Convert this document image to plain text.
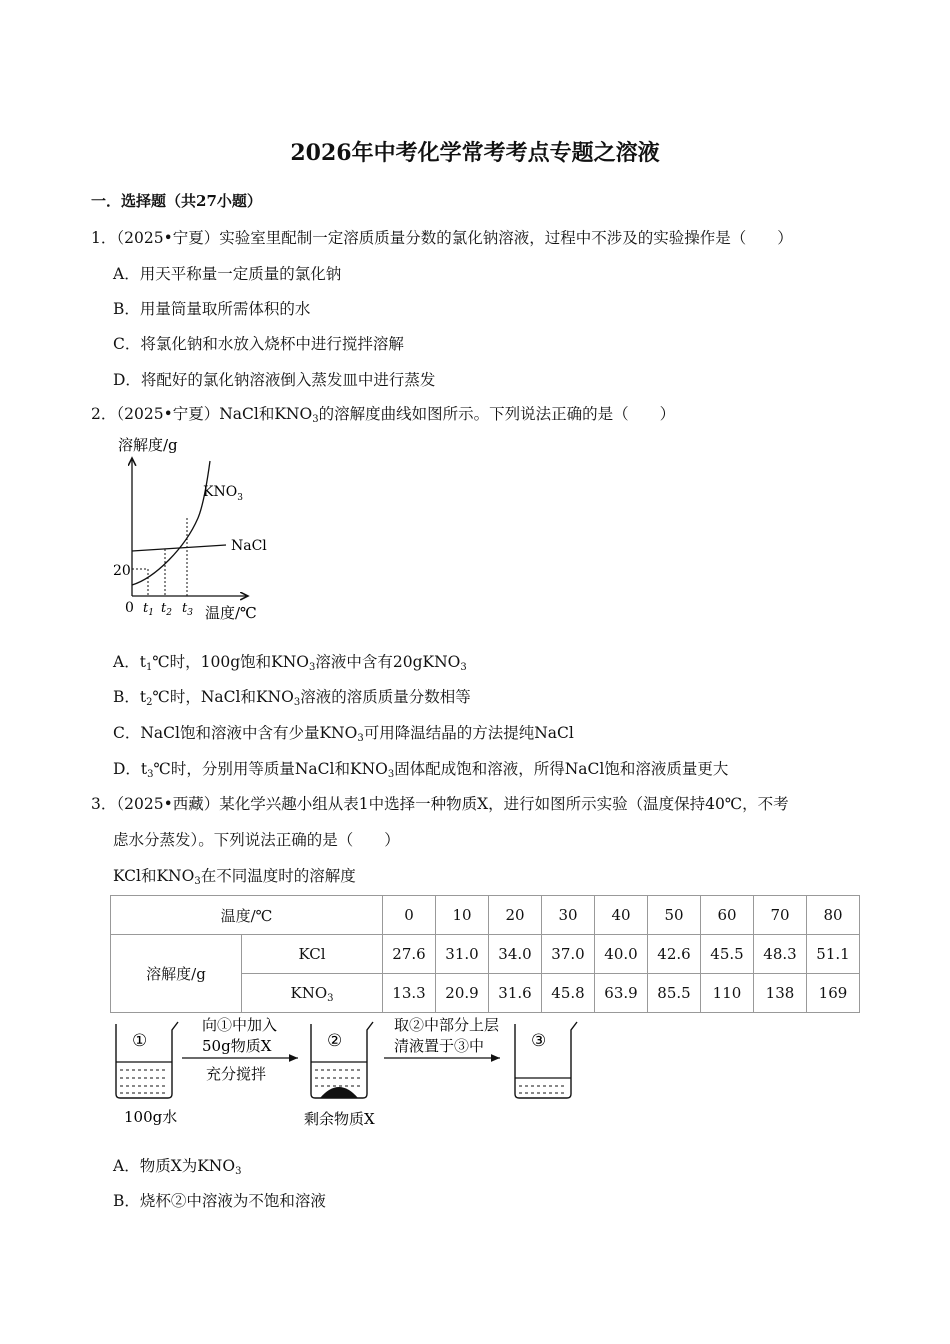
2026年中考化学常考考点专题之溶液
一．选择题（共27小题）
1．（2025•宁夏）实验室里配制一定溶质质量分数的氯化钠溶液，过程中不涉及的实验操作是（　　）
A．用天平称量一定质量的氯化钠
B．用量筒量取所需体积的水
C．将氯化钠和水放入烧杯中进行搅拌溶解
D．将配好的氯化钠溶液倒入蒸发皿中进行蒸发
2．（2025•宁夏）NaCl和$KNO_3$的溶解度曲线如图所示。下列说法正确的是（　　）
溶解度/g
温度/℃
0
20
$KNO_3$
NaCl
$t_1$ $t_2$ $t_3$
A．$t_1℃$时，100g饱和$KNO_3$溶液中含有20gKNO$_3$
B．$t_2℃$时，NaCl和$KNO_3$溶液的溶质质量分数相等
C．NaCl饱和溶液中含有少量$KNO_3$可用降温结晶的方法提纯NaCl
D．$t_3℃$时，分别用等质量NaCl和$KNO_3$固体配成饱和溶液，所得NaCl饱和溶液质量更大
3．（2025•西藏）某化学兴趣小组从表1中选择一种物质X，进行如图所示实验（温度保持40℃，不考
虑水分蒸发）。下列说法正确的是（　　）
KCl和$KNO_3$在不同温度时的溶解度
温度/℃		0	10	20	30	40	50	60	70	80
溶解度/g	KCl	27.6	31.0	34.0	37.0	40.0	42.6	45.5	48.3	51.1
	$KNO_3$	13.3	20.9	31.6	45.8	63.9	85.5	110	138	169
①
100g水
向①中加入
50g物质X
充分搅拌
②
剩余物质X
取②中部分上层
清液置于③中	③
A．物质X为$KNO_3$
B．烧杯②中溶液为不饱和溶液
